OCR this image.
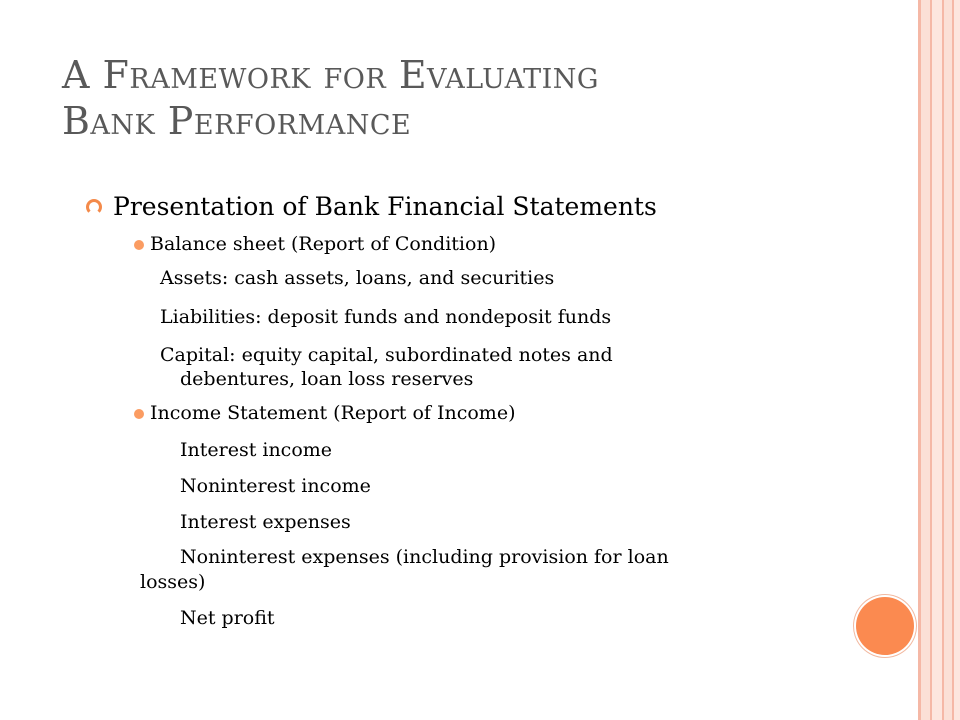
A Framework for Evaluating
Bank Performance
Presentation of Bank Financial Statements
Balance sheet (Report of Condition)
Assets: cash assets, loans, and securities
Liabilities: deposit funds and nondeposit funds
Capital: equity capital, subordinated notes and
debentures, loan loss reserves
Income Statement (Report of Income)
Interest income
Noninterest income
Interest expenses
Noninterest expenses (including provision for loan
losses)
Net profit
